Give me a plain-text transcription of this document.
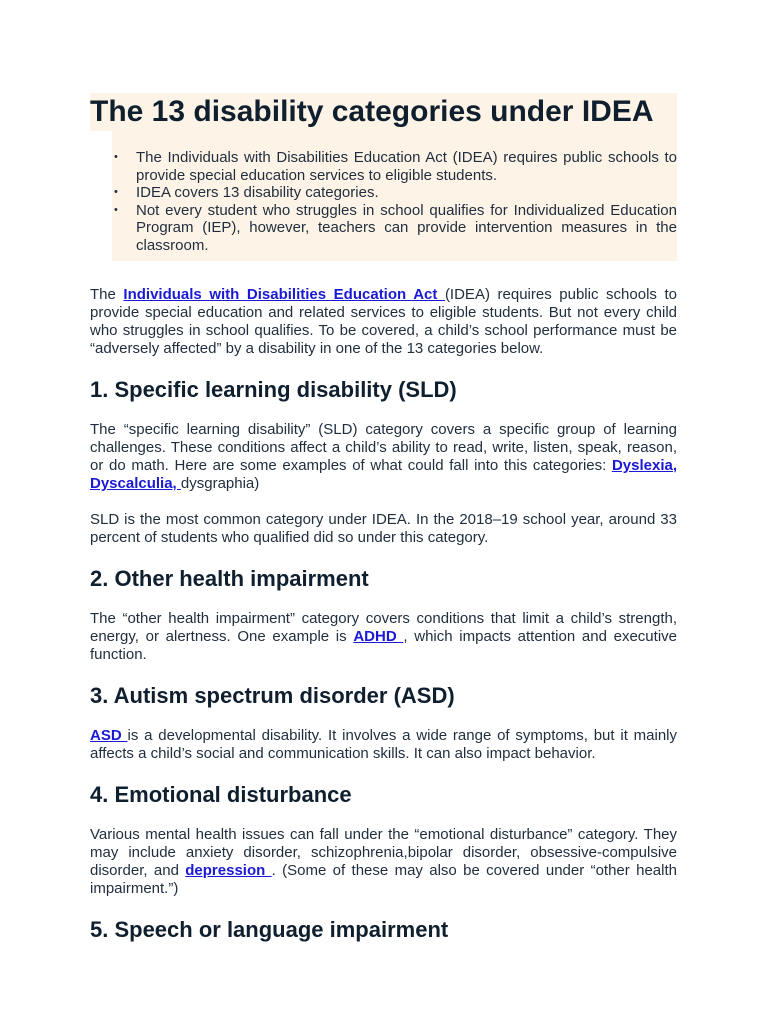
The 13 disability categories under IDEA
• The Individuals with Disabilities Education Act (IDEA) requires public schools to provide special education services to eligible students.
• IDEA covers 13 disability categories.
• Not every student who struggles in school qualifies for Individualized Education Program (IEP), however, teachers can provide intervention measures in the classroom.

The Individuals with Disabilities Education Act (IDEA) requires public schools to provide special education and related services to eligible students. But not every child who struggles in school qualifies. To be covered, a child’s school performance must be “adversely affected” by a disability in one of the 13 categories below.

1. Specific learning disability (SLD)

The “specific learning disability” (SLD) category covers a specific group of learning challenges. These conditions affect a child’s ability to read, write, listen, speak, reason, or do math. Here are some examples of what could fall into this categories: Dyslexia, Dyscalculia, dysgraphia)

SLD is the most common category under IDEA. In the 2018–19 school year, around 33 percent of students who qualified did so under this category.

2. Other health impairment

The “other health impairment” category covers conditions that limit a child’s strength, energy, or alertness. One example is ADHD , which impacts attention and executive function.

3. Autism spectrum disorder (ASD)

ASD is a developmental disability. It involves a wide range of symptoms, but it mainly affects a child’s social and communication skills. It can also impact behavior.

4. Emotional disturbance

Various mental health issues can fall under the “emotional disturbance” category. They may include anxiety disorder, schizophrenia,bipolar disorder, obsessive-compulsive disorder, and depression . (Some of these may also be covered under “other health impairment.”)

5. Speech or language impairment
